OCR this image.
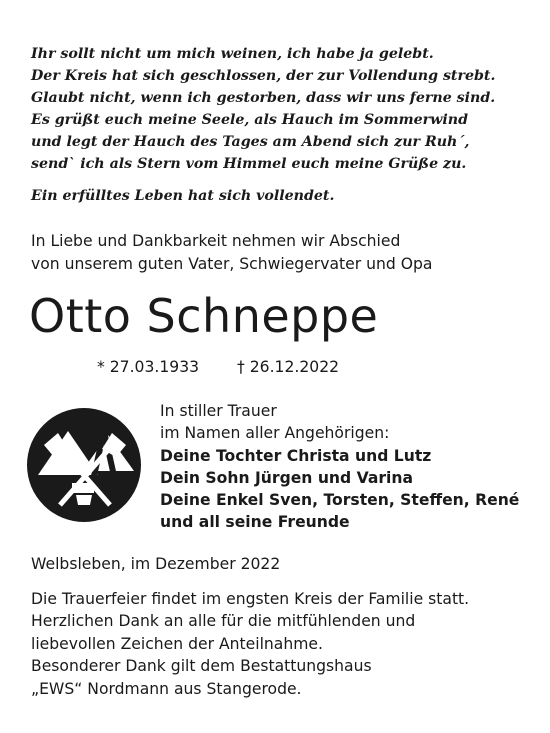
Ihr sollt nicht um mich weinen, ich habe ja gelebt.
Der Kreis hat sich geschlossen, der zur Vollendung strebt.
Glaubt nicht, wenn ich gestorben, dass wir uns ferne sind.
Es grüßt euch meine Seele, als Hauch im Sommerwind
und legt der Hauch des Tages am Abend sich zur Ruh´,
send` ich als Stern vom Himmel euch meine Grüße zu.
Ein erfülltes Leben hat sich vollendet.
In Liebe und Dankbarkeit nehmen wir Abschied
von unserem guten Vater, Schwiegervater und Opa
Otto Schneppe
* 27.03.1933 † 26.12.2022
In stiller Trauer
im Namen aller Angehörigen:
Deine Tochter Christa und Lutz
Dein Sohn Jürgen und Varina
Deine Enkel Sven, Torsten, Steffen, René
und all seine Freunde
Welbsleben, im Dezember 2022
Die Trauerfeier findet im engsten Kreis der Familie statt.
Herzlichen Dank an alle für die mitfühlenden und
liebevollen Zeichen der Anteilnahme.
Besonderer Dank gilt dem Bestattungshaus
„EWS“ Nordmann aus Stangerode.
